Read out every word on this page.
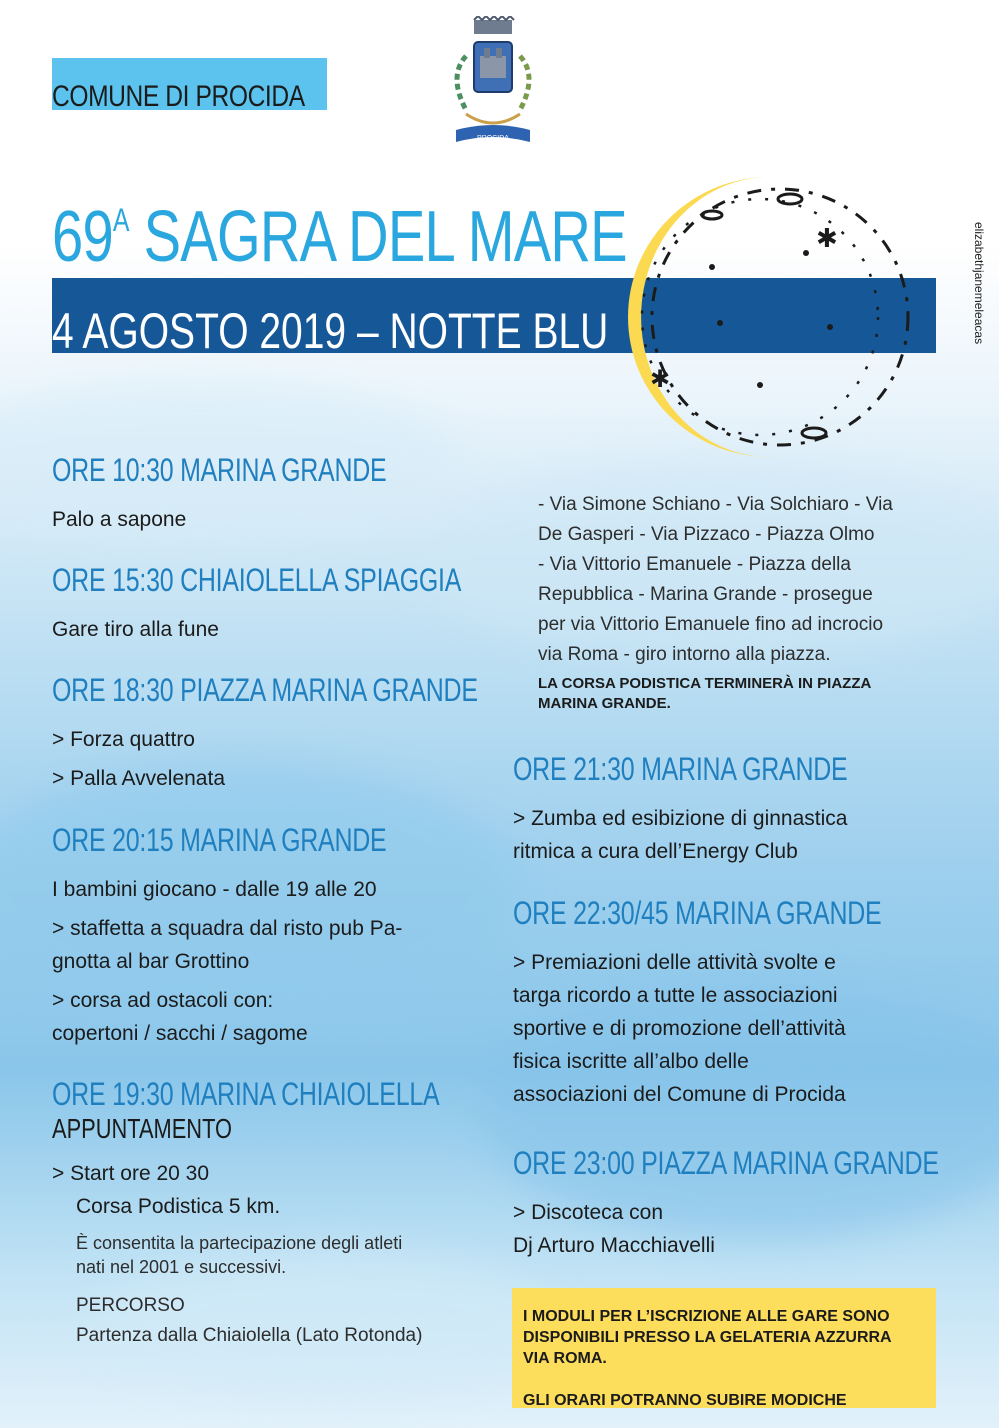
COMUNE DI PROCIDA
PROCIDA
$69^A$ SAGRA DEL MARE
4 AGOSTO 2019 – NOTTE BLU
✱
✱
elizabethjanemeleacas
ORE 10:30 MARINA GRANDE
Palo a sapone
ORE 15:30 CHIAIOLELLA SPIAGGIA
Gare tiro alla fune
ORE 18:30 PIAZZA MARINA GRANDE
> Forza quattro
> Palla Avvelenata
ORE 20:15 MARINA GRANDE
I bambini giocano - dalle 19 alle 20
> staffetta a squadra dal risto pub Pa-
gnotta al bar Grottino
> corsa ad ostacoli con:
copertoni / sacchi / sagome
ORE 19:30 MARINA CHIAIOLELLA
APPUNTAMENTO
> Start ore 20 30
Corsa Podistica 5 km.
È consentita la partecipazione degli atleti
nati nel 2001 e successivi.
PERCORSO
Partenza dalla Chiaiolella (Lato Rotonda)
- Via Simone Schiano - Via Solchiaro - Via
De Gasperi - Via Pizzaco - Piazza Olmo
- Via Vittorio Emanuele - Piazza della
Repubblica - Marina Grande - prosegue
per via Vittorio Emanuele fino ad incrocio
via Roma - giro intorno alla piazza.
LA CORSA PODISTICA TERMINERÀ IN PIAZZA
MARINA GRANDE.
ORE 21:30 MARINA GRANDE
> Zumba ed esibizione di ginnastica
ritmica a cura dell’Energy Club
ORE 22:30/45 MARINA GRANDE
> Premiazioni delle attività svolte e
targa ricordo a tutte le associazioni
sportive e di promozione dell’attività
fisica iscritte all’albo delle
associazioni del Comune di Procida
ORE 23:00 PIAZZA MARINA GRANDE
> Discoteca con
Dj Arturo Macchiavelli
I MODULI PER L’ISCRIZIONE ALLE GARE SONO
DISPONIBILI PRESSO LA GELATERIA AZZURRA
VIA ROMA.
GLI ORARI POTRANNO SUBIRE MODICHE
